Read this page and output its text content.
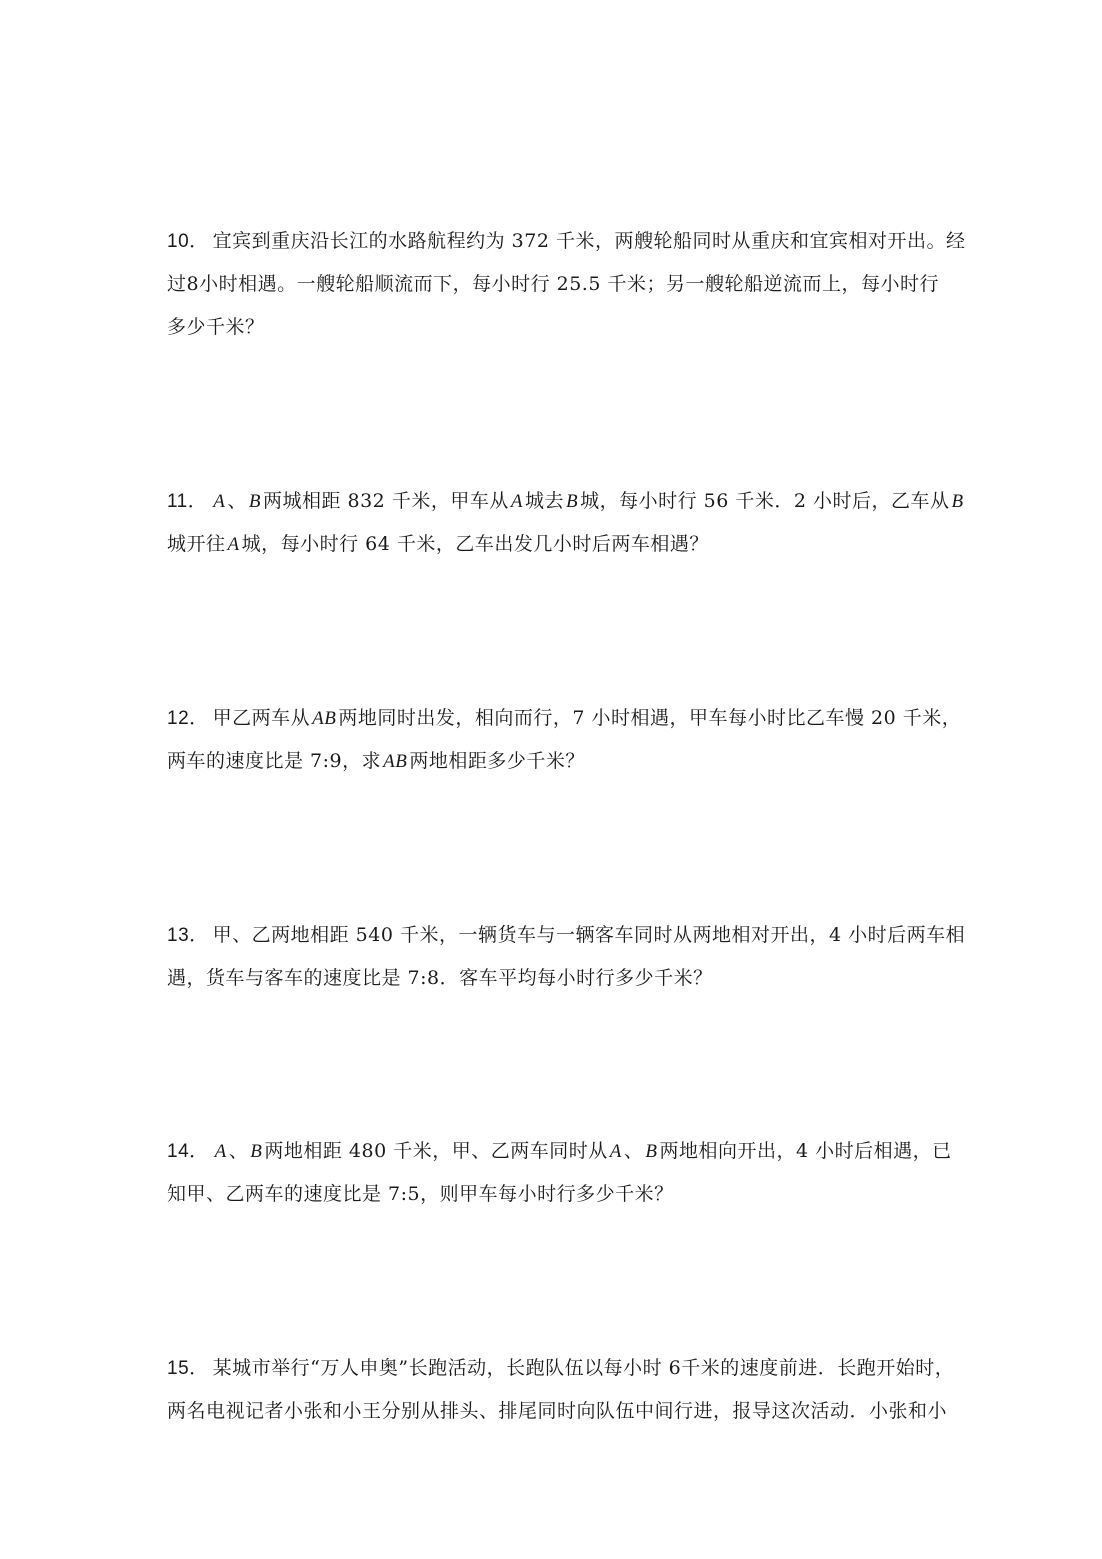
10． 宜宾到重庆沿长江的水路航程约为 372 千米，两艘轮船同时从重庆和宜宾相对开出。经
过8小时相遇。一艘轮船顺流而下，每小时行 25.5 千米；另一艘轮船逆流而上，每小时行
多少千米？
11． A 、 B 两城相距 832 千米，甲车从 A 城去 B 城，每小时行 56 千米．2 小时后，乙车从 B
城开往 A 城，每小时行 64 千米，乙车出发几小时后两车相遇？
12． 甲乙两车从 AB 两地同时出发，相向而行，7 小时相遇，甲车每小时比乙车慢 20 千米，
两车的速度比是 7:9，求 AB 两地相距多少千米？
13． 甲、乙两地相距 540 千米，一辆货车与一辆客车同时从两地相对开出，4 小时后两车相
遇，货车与客车的速度比是 7:8．客车平均每小时行多少千米？
14． A 、 B 两地相距 480 千米，甲、乙两车同时从 A 、 B 两地相向开出，4 小时后相遇，已
知甲、乙两车的速度比是 7:5，则甲车每小时行多少千米？
15． 某城市举行“万人申奥”长跑活动，长跑队伍以每小时 6千米的速度前进．长跑开始时，
两名电视记者小张和小王分别从排头、排尾同时向队伍中间行进，报导这次活动．小张和小
